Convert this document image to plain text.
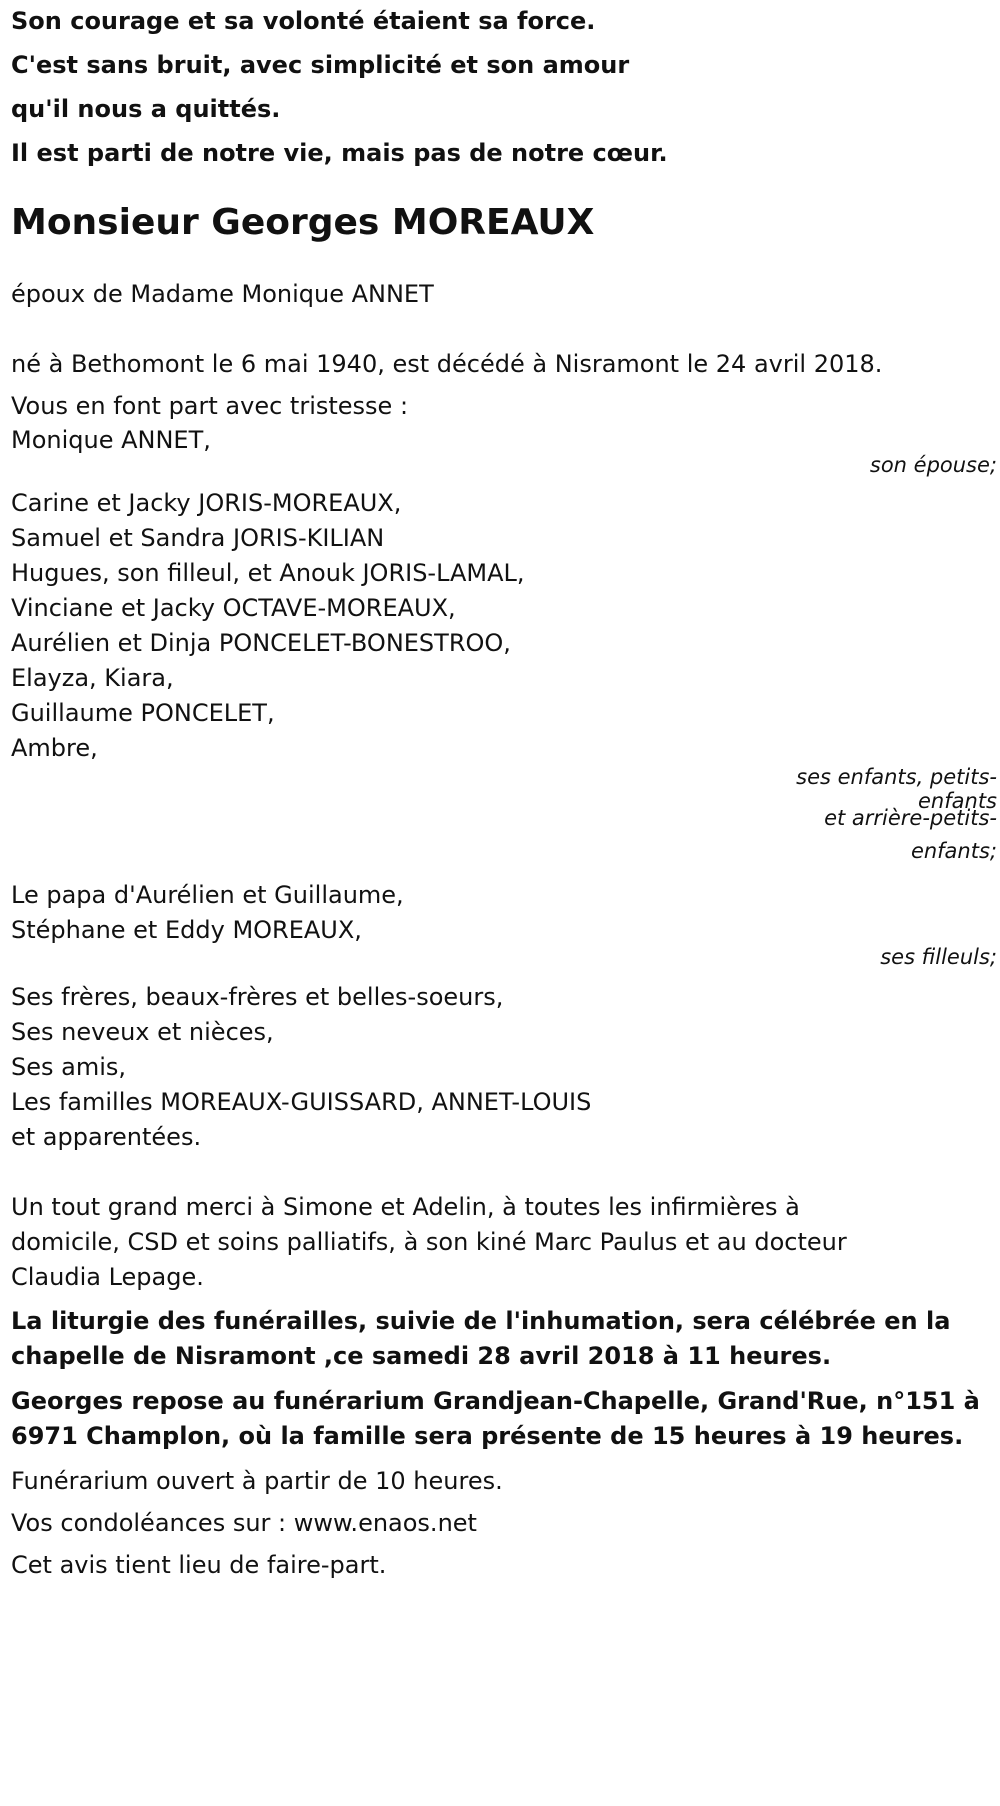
Son courage et sa volonté étaient sa force.
C'est sans bruit, avec simplicité et son amour
qu'il nous a quittés.
Il est parti de notre vie, mais pas de notre cœur.
Monsieur Georges MOREAUX
époux de Madame Monique ANNET
né à Bethomont le 6 mai 1940, est décédé à Nisramont le 24 avril 2018.
Vous en font part avec tristesse :
Monique ANNET,
son épouse;
Carine et Jacky JORIS-MOREAUX,
Samuel et Sandra JORIS-KILIAN
Hugues, son filleul, et Anouk JORIS-LAMAL,
Vinciane et Jacky OCTAVE-MOREAUX,
Aurélien et Dinja PONCELET-BONESTROO,
Elayza, Kiara,
Guillaume PONCELET,
Ambre,
ses enfants, petits-
enfants
et arrière-petits-
enfants;
Le papa d'Aurélien et Guillaume,
Stéphane et Eddy MOREAUX,
ses filleuls;
Ses frères, beaux-frères et belles-soeurs,
Ses neveux et nièces,
Ses amis,
Les familles MOREAUX-GUISSARD, ANNET-LOUIS
et apparentées.
Un tout grand merci à Simone et Adelin, à toutes les infirmières à
domicile, CSD et soins palliatifs, à son kiné Marc Paulus et au docteur
Claudia Lepage.
La liturgie des funérailles, suivie de l'inhumation, sera célébrée en la
chapelle de Nisramont ,ce samedi 28 avril 2018 à 11 heures.
Georges repose au funérarium Grandjean-Chapelle, Grand'Rue, n°151 à
6971 Champlon, où la famille sera présente de 15 heures à 19 heures.
Funérarium ouvert à partir de 10 heures.
Vos condoléances sur : www.enaos.net
Cet avis tient lieu de faire-part.
